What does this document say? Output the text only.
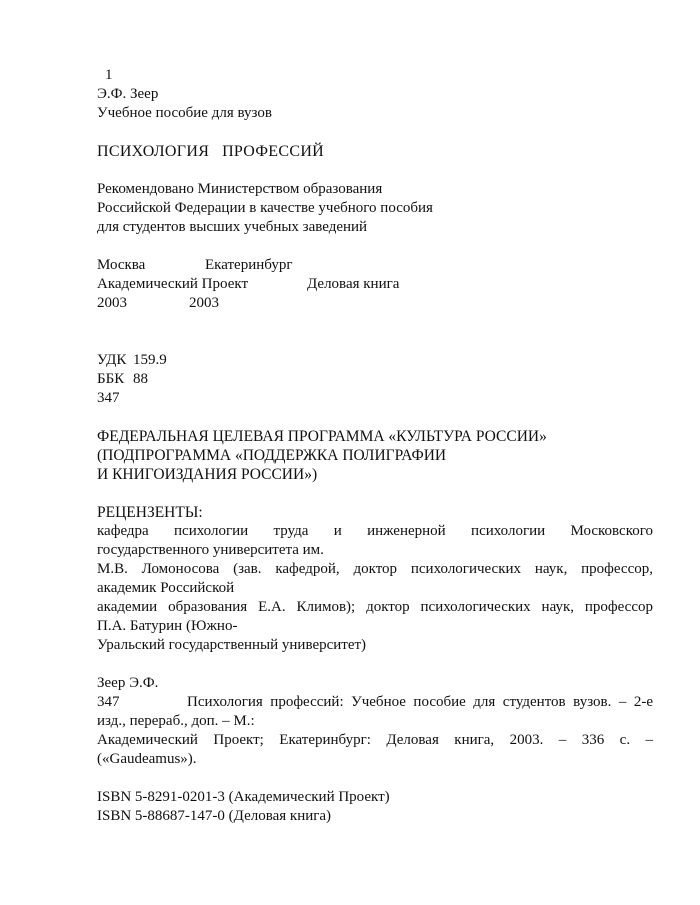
1
Э.Ф. Зеер
Учебное пособие для вузов
ПСИХОЛОГИЯ   ПРОФЕССИЙ
Рекомендовано Министерством образования
Российской Федерации в качестве учебного пособия
для студентов высших учебных заведений
Москва	Екатеринбург
Академический Проект	Деловая книга
2003	2003
УДК 159.9
ББК 88
347
ФЕДЕРАЛЬНАЯ ЦЕЛЕВАЯ ПРОГРАММА «КУЛЬТУРА РОССИИ»
(ПОДПРОГРАММА «ПОДДЕРЖКА ПОЛИГРАФИИ
И КНИГОИЗДАНИЯ РОССИИ»)
РЕЦЕНЗЕНТЫ:
кафедра психологии труда и инженерной психологии Московского
государственного университета им.
М.В. Ломоносова (зав. кафедрой, доктор психологических наук, профессор,
академик Российской
академии образования Е.А. Климов); доктор психологических наук, профессор
П.А. Батурин (Южно-
Уральский государственный университет)
Зеер Э.Ф.
347	Психология профессий: Учебное пособие для студентов вузов. – 2-е
изд., перераб., доп. – М.:
Академический Проект; Екатеринбург: Деловая книга, 2003. – 336 с. –
(«Gaudeamus»).
ISBN 5-8291-0201-3 (Академический Проект)
ISBN 5-88687-147-0 (Деловая книга)
